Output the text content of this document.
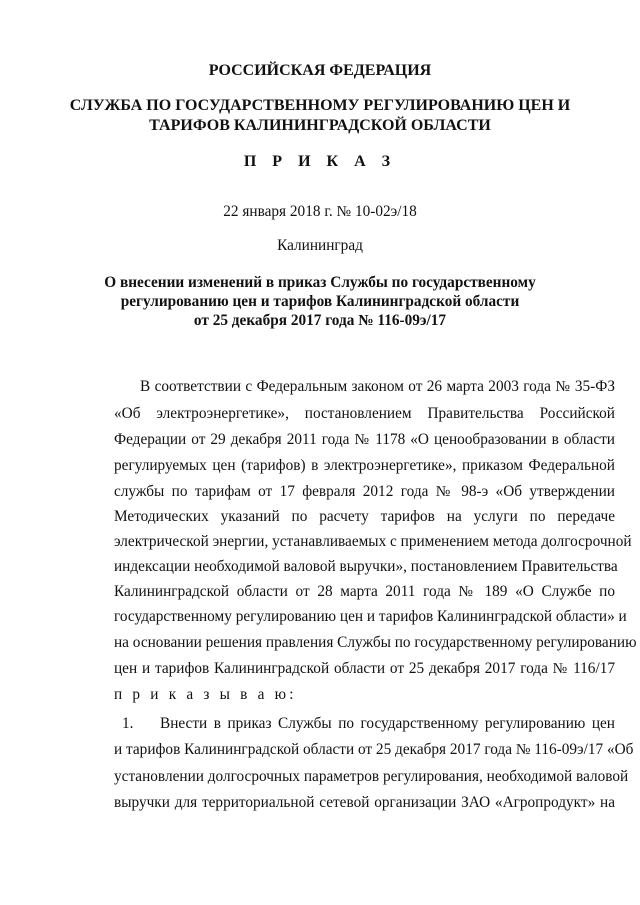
РОССИЙСКАЯ ФЕДЕРАЦИЯ
СЛУЖБА ПО ГОСУДАРСТВЕННОМУ РЕГУЛИРОВАНИЮ ЦЕН И
ТАРИФОВ КАЛИНИНГРАДСКОЙ ОБЛАСТИ
П Р И К А З
22 января 2018 г. № 10-02э/18
Калининград
О внесении изменений в приказ Службы по государственному
регулированию цен и тарифов Калининградской области
от 25 декабря 2017 года № 116-09э/17
В соответствии с Федеральным законом от 26 марта 2003 года № 35-ФЗ
«Об электроэнергетике», постановлением Правительства Российской
Федерации от 29 декабря 2011 года № 1178 «О ценообразовании в области
регулируемых цен (тарифов) в электроэнергетике», приказом Федеральной
службы по тарифам от 17 февраля 2012 года № 98-э «Об утверждении
Методических указаний по расчету тарифов на услуги по передаче
электрической энергии, устанавливаемых с применением метода долгосрочной
индексации необходимой валовой выручки», постановлением Правительства
Калининградской области от 28 марта 2011 года № 189 «О Службе по
государственному регулированию цен и тарифов Калининградской области» и
на основании решения правления Службы по государственному регулированию
цен и тарифов Калининградской области от 25 декабря 2017 года № 116/17
п р и к а з ы в а ю:
1. Внести в приказ Службы по государственному регулированию цен
и тарифов Калининградской области от 25 декабря 2017 года № 116-09э/17 «Об
установлении долгосрочных параметров регулирования, необходимой валовой
выручки для территориальной сетевой организации ЗАО «Агропродукт» на
